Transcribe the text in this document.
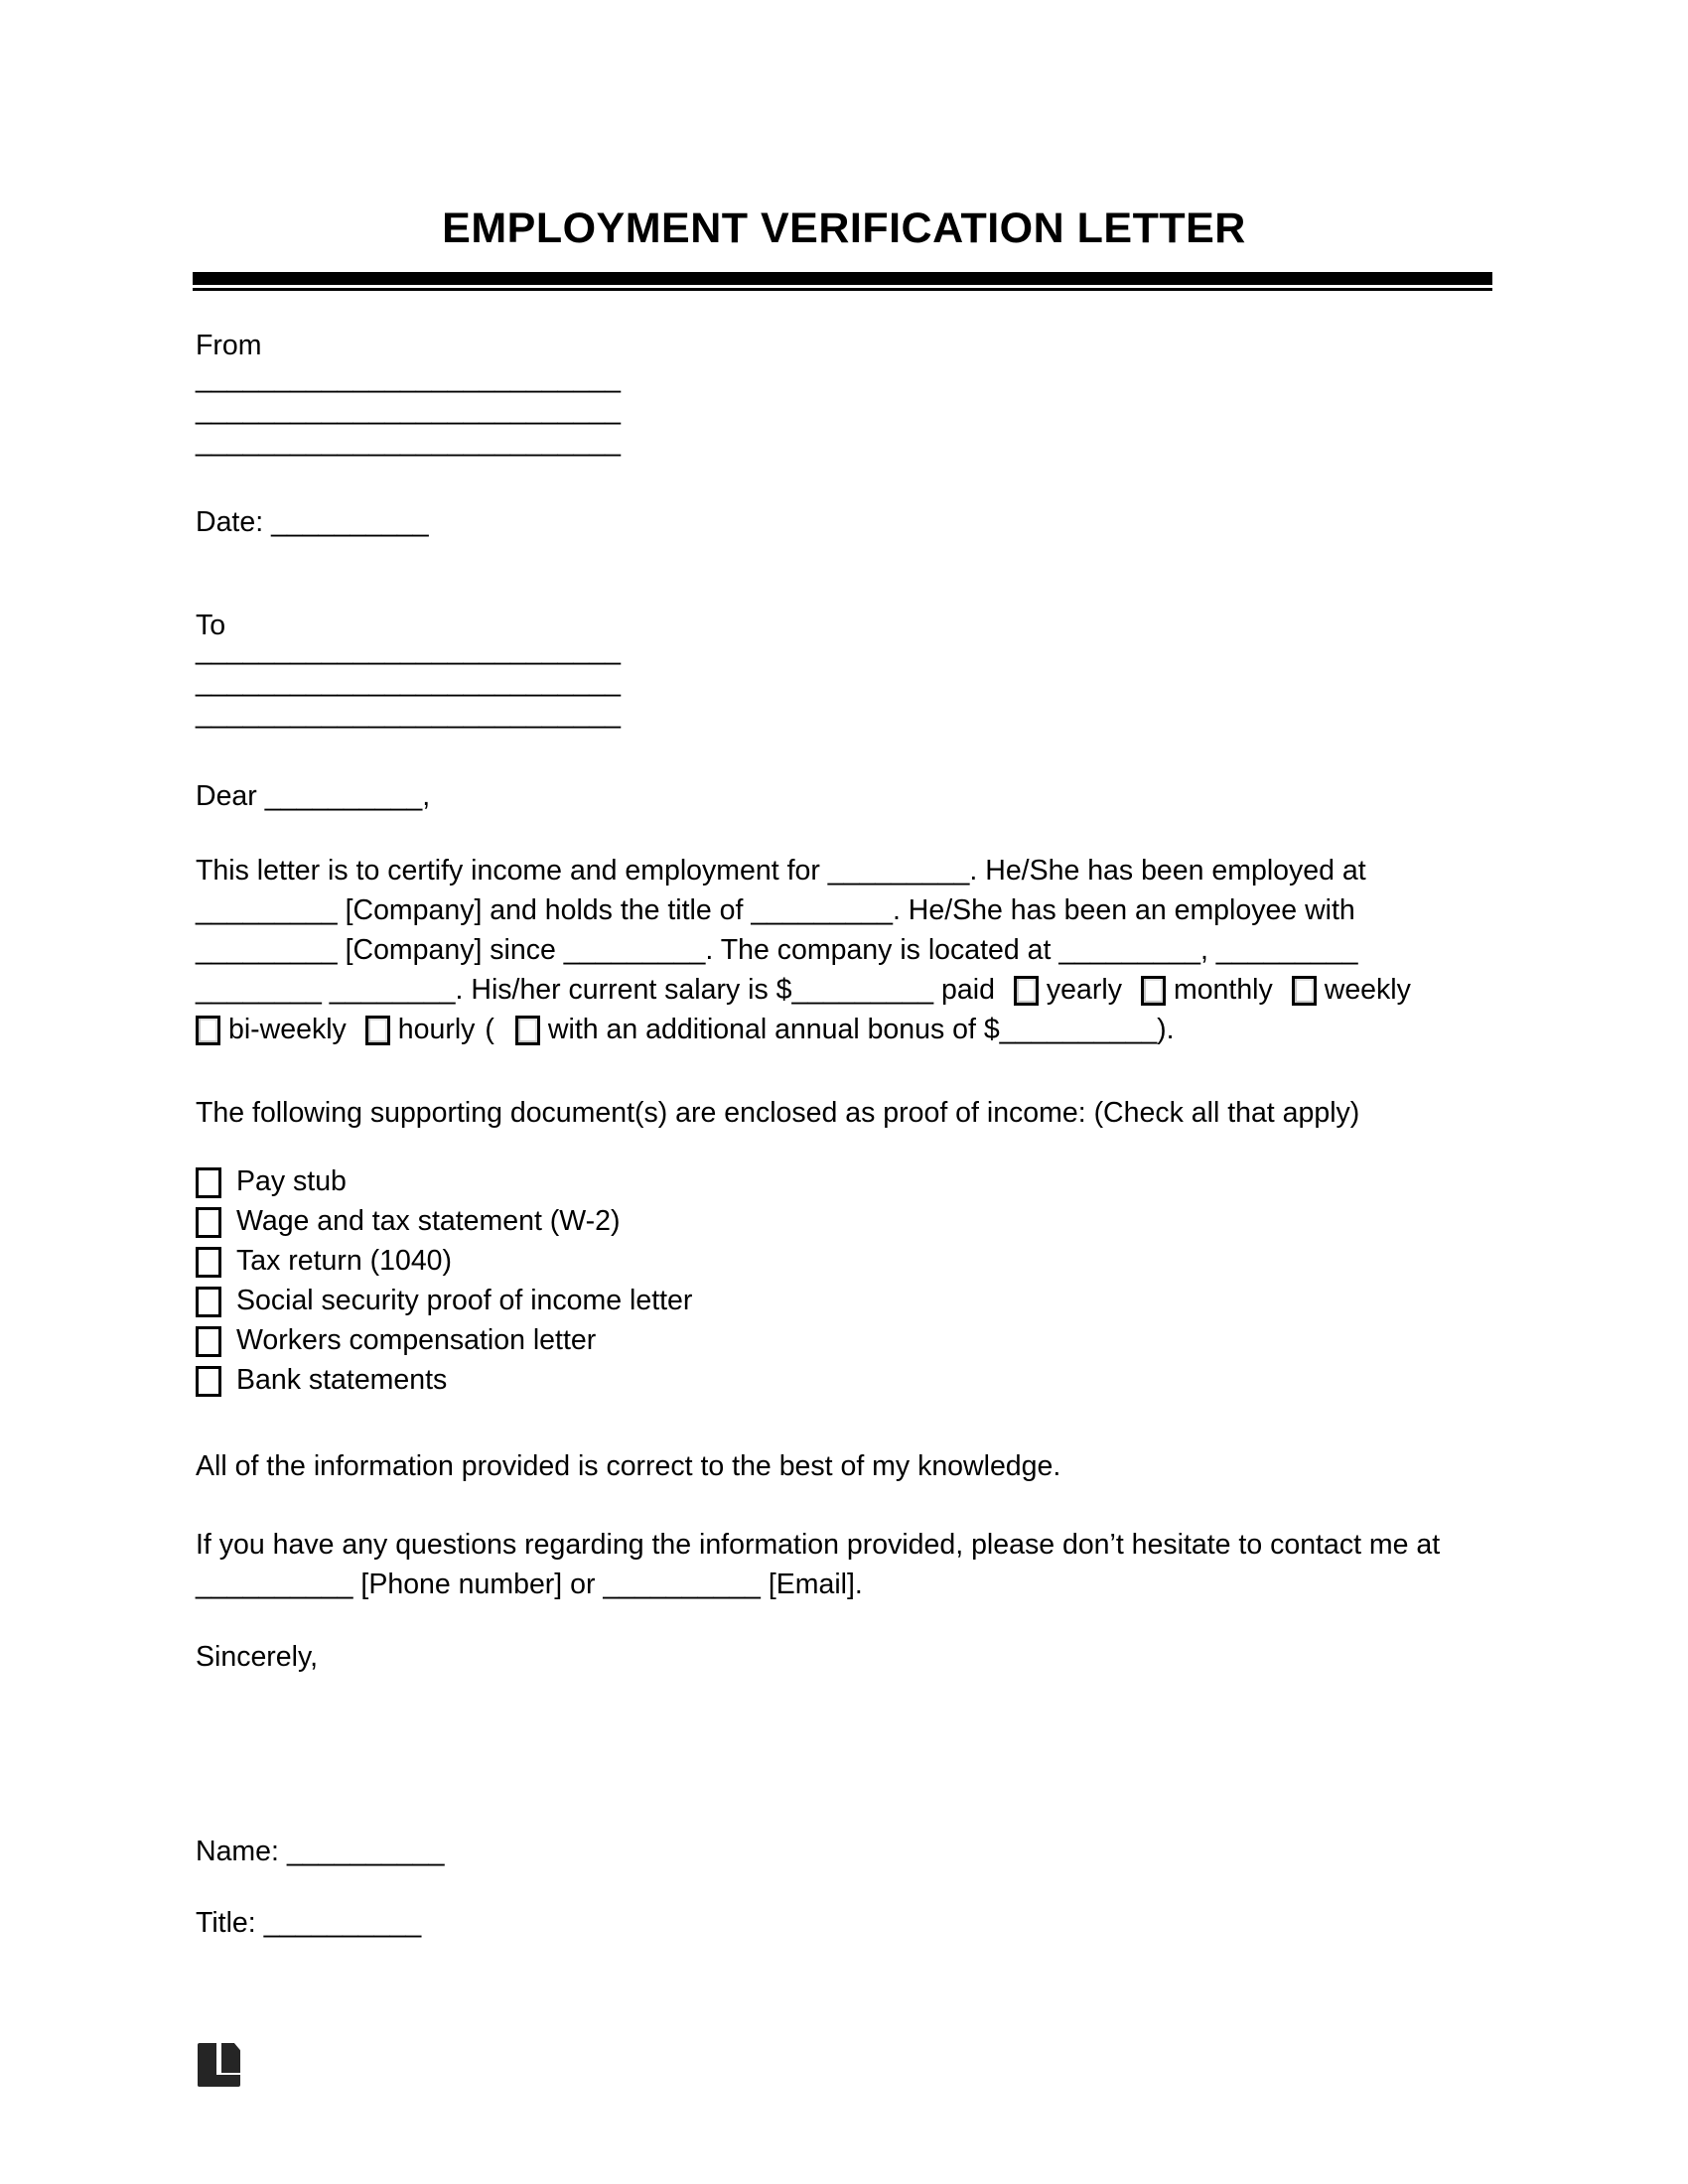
EMPLOYMENT VERIFICATION LETTER
From
___________________________
___________________________
___________________________
Date: __________
To
___________________________
___________________________
___________________________
Dear __________,
This letter is to certify income and employment for _________. He/She has been employed at
_________ [Company] and holds the title of _________. He/She has been an employee with
_________ [Company] since _________. The company is located at _________, _________
________ ________. His/her current salary is $_________ paid yearly monthly weekly
bi-weekly hourly ( with an additional annual bonus of $__________).
The following supporting document(s) are enclosed as proof of income: (Check all that apply)
Pay stub
Wage and tax statement (W-2)
Tax return (1040)
Social security proof of income letter
Workers compensation letter
Bank statements
All of the information provided is correct to the best of my knowledge.
If you have any questions regarding the information provided, please don’t hesitate to contact me at
__________ [Phone number] or __________ [Email].
Sincerely,
Name: __________
Title: __________
